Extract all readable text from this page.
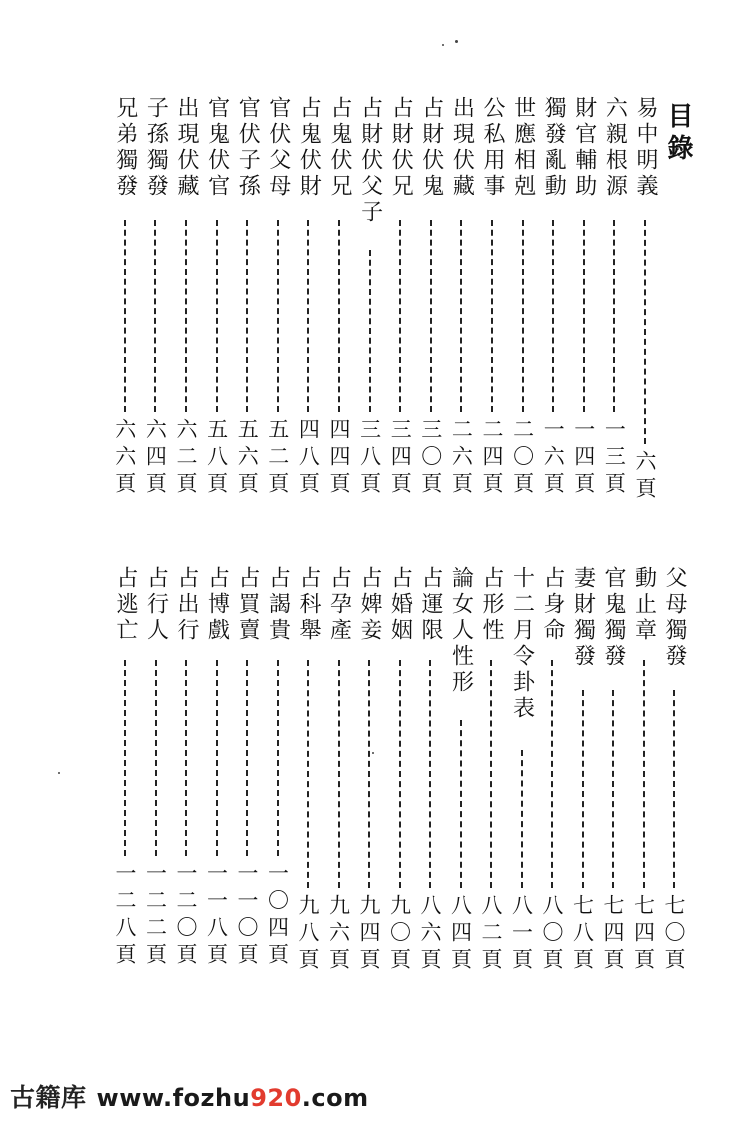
目錄
易中明義
六頁
六親根源
一三頁
財官輔助
一四頁
獨發亂動
一六頁
世應相剋
二〇頁
公私用事
二四頁
出現伏藏
二六頁
占財伏鬼
三〇頁
占財伏兄
三四頁
占財伏父子
三八頁
占鬼伏兄
四四頁
占鬼伏財
四八頁
官伏父母
五二頁
官伏子孫
五六頁
官鬼伏官
五八頁
出現伏藏
六二頁
子孫獨發
六四頁
兄弟獨發
六六頁
父母獨發
七〇頁
動止章
七四頁
官鬼獨發
七四頁
妻財獨發
七八頁
占身命
八〇頁
十二月令卦表
八一頁
占形性
八二頁
論女人性形
八四頁
占運限
八六頁
占婚姻
九〇頁
占婢妾
九四頁
占孕產
九六頁
占科舉
九八頁
占謁貴
一〇四頁
占買賣
一一〇頁
占博戲
一一八頁
占出行
一二〇頁
占行人
一二二頁
占逃亡
一二八頁
古籍库 www.fozhu920.com
